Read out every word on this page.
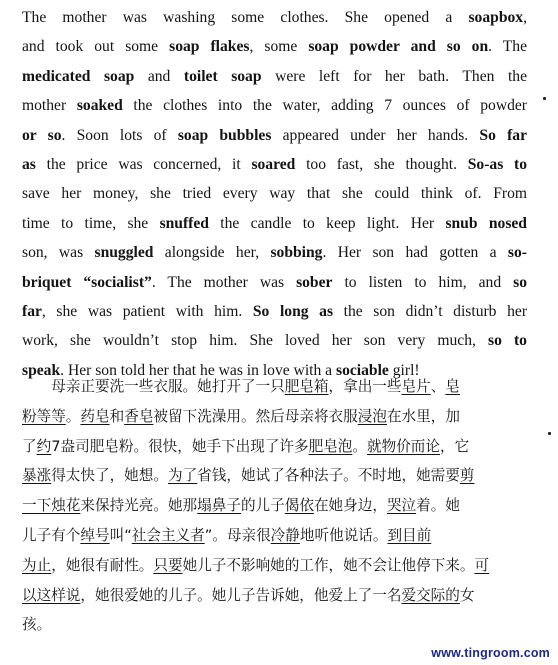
The mother was washing some clothes. She opened a soapbox,
and took out some soap flakes, some soap powder and so on. The
medicated soap and toilet soap were left for her bath. Then the
mother soaked the clothes into the water, adding 7 ounces of powder
or so. Soon lots of soap bubbles appeared under her hands. So far
as the price was concerned, it soared too fast, she thought. So-as to
save her money, she tried every way that she could think of. From
time to time, she snuffed the candle to keep light. Her snub nosed
son, was snuggled alongside her, sobbing. Her son had gotten a so-
briquet “socialist”. The mother was sober to listen to him, and so
far, she was patient with him. So long as the son didn’t disturb her
work, she wouldn’t stop him. She loved her son very much, so to
speak. Her son told her that he was in love with a sociable girl!
　　母亲正要洗一些衣服。她打开了一只肥皂箱，拿出一些皂片、皂
粉等等。药皂和香皂被留下洗澡用。然后母亲将衣服浸泡在水里，加
了约7盎司肥皂粉。很快，她手下出现了许多肥皂泡。就物价而论，它
暴涨得太快了，她想。为了省钱，她试了各种法子。不时地，她需要剪
一下烛花来保持光亮。她那塌鼻子的儿子偈依在她身边，哭泣着。她
儿子有个绰号叫“社会主义者”。母亲很冷静地听他说话。到目前
为止，她很有耐性。只要她儿子不影响她的工作，她不会让他停下来。可
以这样说，她很爱她的儿子。她儿子告诉她，他爱上了一名爱交际的女
孩。
www.tingroom.com
